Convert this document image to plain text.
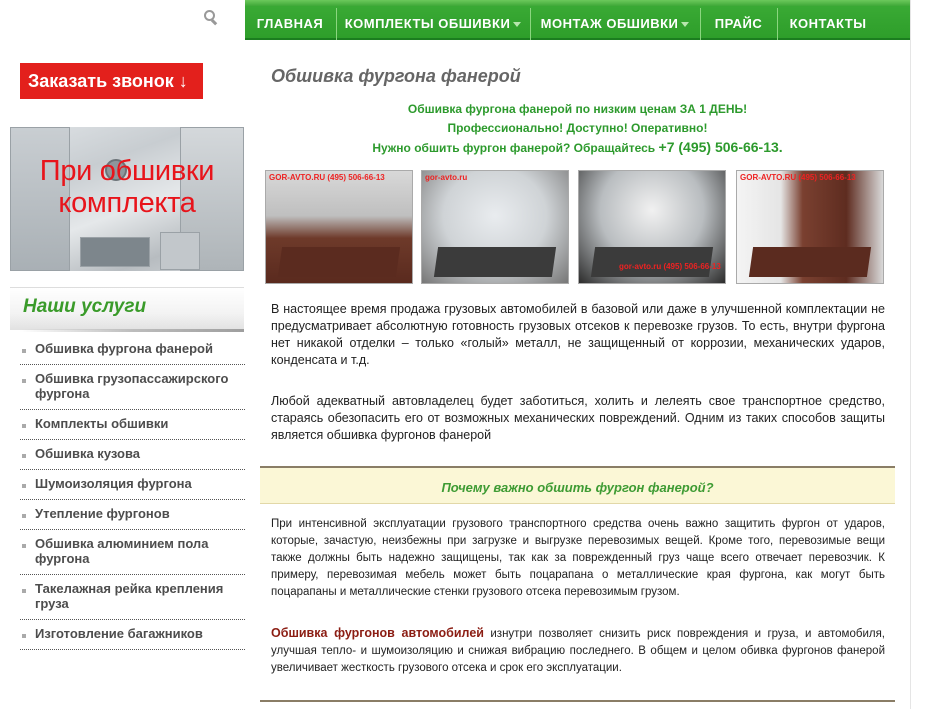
Заказать звонок ↓
При обшивки комплекта
Наши услуги
Обшивка фургона фанерой
Обшивка грузопассажирского фургона
Комплекты обшивки
Обшивка кузова
Шумоизоляция фургона
Утепление фургонов
Обшивка алюминием пола фургона
Такелажная рейка крепления груза
Изготовление багажников
ГЛАВНАЯ	КОМПЛЕКТЫ ОБШИВКИ	МОНТАЖ ОБШИВКИ	ПРАЙС	КОНТАКТЫ
Обшивка фургона фанерой
Обшивка фургона фанерой по низким ценам ЗА 1 ДЕНЬ!
Профессионально! Доступно! Оперативно!
Нужно обшить фургон фанерой? Обращайтесь +7 (495) 506-66-13.
GOR-AVTO.RU (495) 506-66-13	gor-avto.ru
gor-avto.ru (495) 506-66-13
GOR-AVTO.RU (495) 506-66-13

В настоящее время продажа грузовых автомобилей в базовой или даже в улучшенной комплектации не предусматривает абсолютную готовность грузовых отсеков к перевозке грузов. То есть, внутри фургона нет никакой отделки – только «голый» металл, не защищенный от коррозии, механических ударов, конденсата и т.д.

Любой адекватный автовладелец будет заботиться, холить и лелеять свое транспортное средство, стараясь обезопасить его от возможных механических повреждений. Одним из таких способов защиты является обшивка фургонов фанерой

Почему важно обшить фургон фанерой?

При интенсивной эксплуатации грузового транспортного средства очень важно защитить фургон от ударов, которые, зачастую, неизбежны при загрузке и выгрузке перевозимых вещей. Кроме того, перевозимые вещи также должны быть надежно защищены, так как за поврежденный груз чаще всего отвечает перевозчик. К примеру, перевозимая мебель может быть поцарапана о металлические края фургона, как могут быть поцарапаны и металлические стенки грузового отсека перевозимым грузом.

Обшивка фургонов автомобилей изнутри позволяет снизить риск повреждения и груза, и автомобиля, улучшая тепло- и шумоизоляцию и снижая вибрацию последнего. В общем и целом обивка фургонов фанерой увеличивает жесткость грузового отсека и срок его эксплуатации.
